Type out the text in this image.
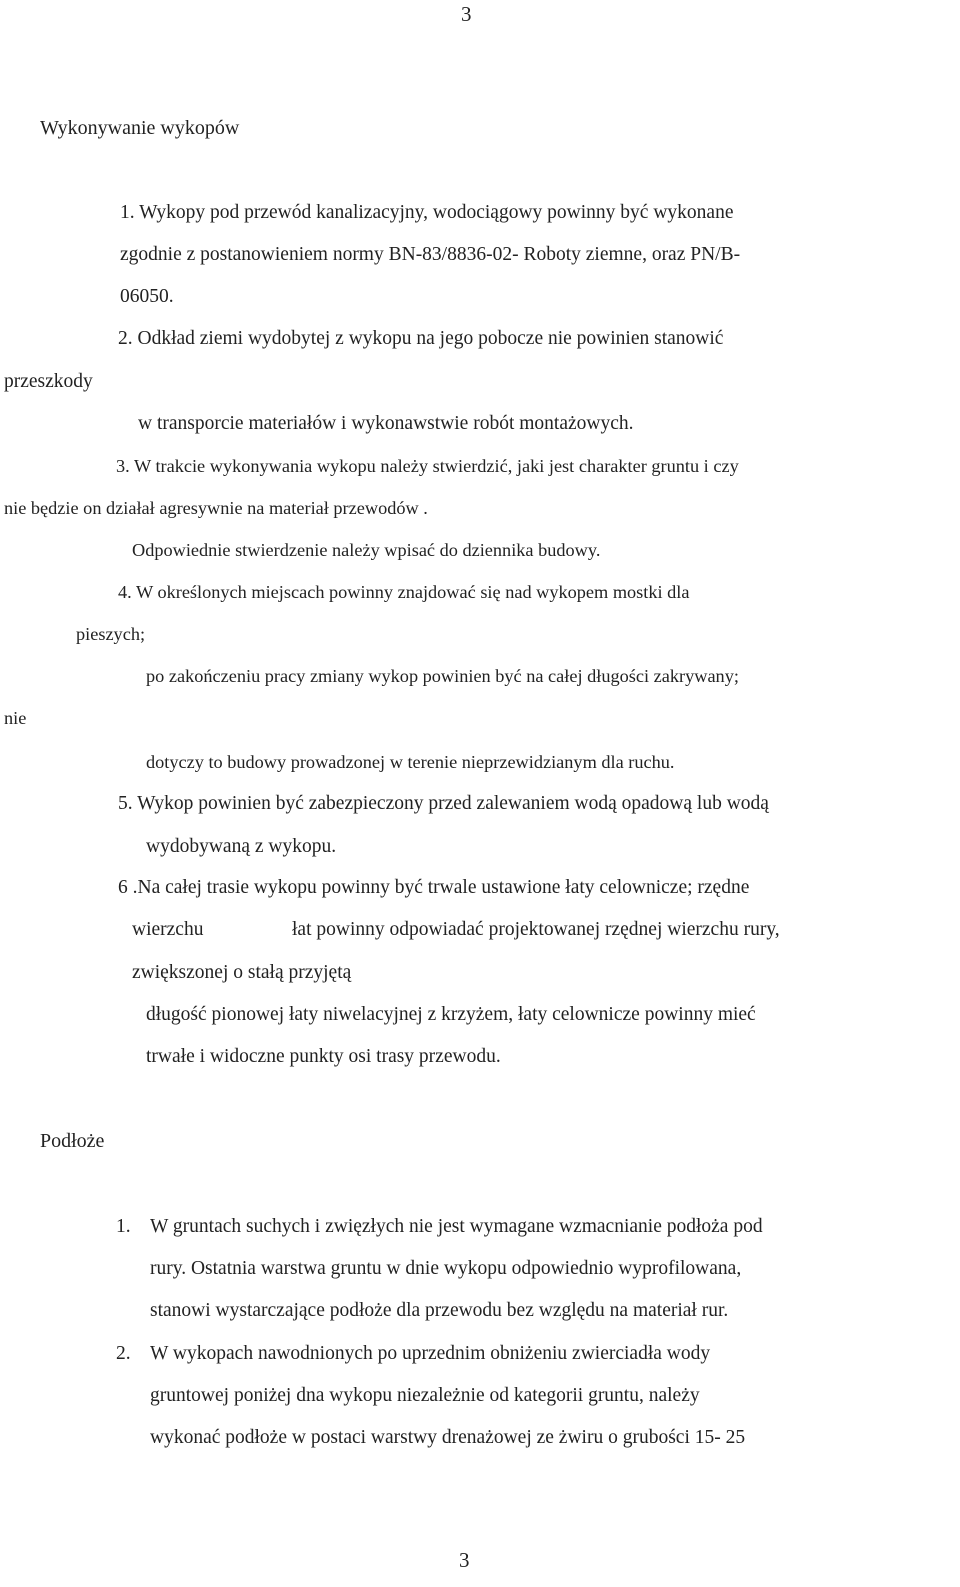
3
Wykonywanie wykopów
1. Wykopy pod przewód kanalizacyjny, wodociągowy powinny być wykonane
zgodnie z postanowieniem normy BN-83/8836-02- Roboty ziemne, oraz PN/B-
06050.
2. Odkład ziemi wydobytej z wykopu na jego pobocze nie powinien stanowić
przeszkody
w transporcie materiałów i wykonawstwie robót montażowych.
3. W trakcie wykonywania wykopu należy stwierdzić, jaki jest charakter gruntu i czy
nie będzie on działał agresywnie na materiał przewodów .
Odpowiednie stwierdzenie należy wpisać do dziennika budowy.
4. W określonych miejscach powinny znajdować się nad wykopem mostki dla
pieszych;
po zakończeniu pracy zmiany wykop powinien być na całej długości zakrywany;
nie
dotyczy to budowy prowadzonej w terenie nieprzewidzianym dla ruchu.
5. Wykop powinien być zabezpieczony przed zalewaniem wodą opadową lub wodą
wydobywaną z wykopu.
6 .Na całej trasie wykopu powinny być trwale ustawione łaty celownicze; rzędne
wierzchu	łat powinny odpowiadać projektowanej rzędnej wierzchu rury,
zwiększonej o stałą przyjętą
długość pionowej łaty niwelacyjnej z krzyżem, łaty celownicze powinny mieć
trwałe i widoczne punkty osi trasy przewodu.
Podłoże
1. W gruntach suchych i zwięzłych nie jest wymagane wzmacnianie podłoża pod
rury. Ostatnia warstwa gruntu w dnie wykopu odpowiednio wyprofilowana,
stanowi wystarczające podłoże dla przewodu bez względu na materiał rur.
2. W wykopach nawodnionych po uprzednim obniżeniu zwierciadła wody
gruntowej poniżej dna wykopu niezależnie od kategorii gruntu, należy
wykonać podłoże w postaci warstwy drenażowej ze żwiru o grubości 15- 25
3
